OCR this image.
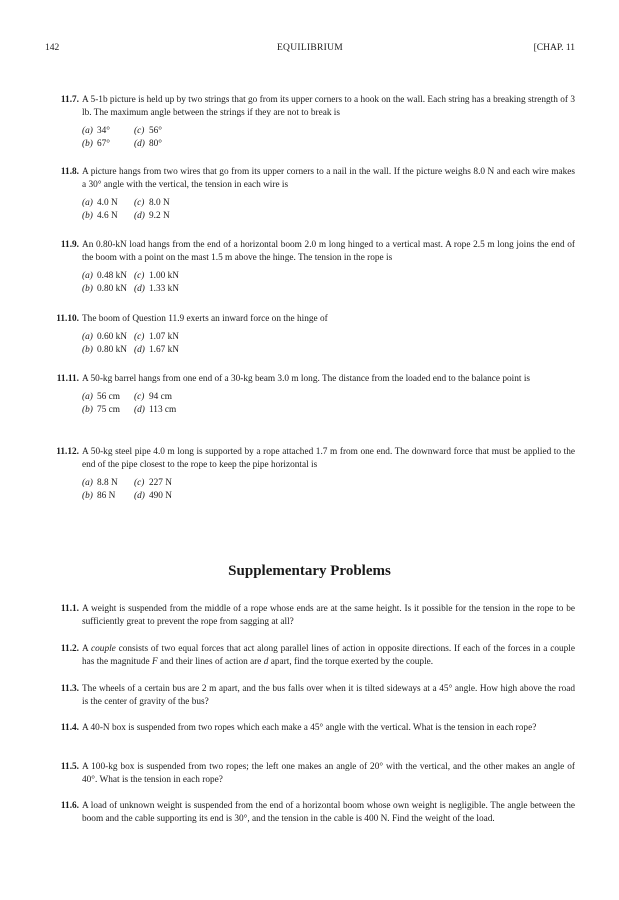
142	EQUILIBRIUM	[CHAP. 11
11.7. A 5-1b picture is held up by two strings that go from its upper corners to a hook on the wall. Each string has a breaking strength of 3 lb. The maximum angle between the strings if they are not to break is
(a) 34°	(c) 56°
(b) 67°	(d) 80°
11.8. A picture hangs from two wires that go from its upper corners to a nail in the wall. If the picture weighs 8.0 N and each wire makes a 30° angle with the vertical, the tension in each wire is
(a) 4.0 N (c) 8.0 N
(b) 4.6 N (d) 9.2 N
11.9. An 0.80-kN load hangs from the end of a horizontal boom 2.0 m long hinged to a vertical mast. A rope 2.5 m long joins the end of the boom with a point on the mast 1.5 m above the hinge. The tension in the rope is
(a) 0.48 kN (c) 1.00 kN
(b) 0.80 kN (d) 1.33 kN
11.10. The boom of Question 11.9 exerts an inward force on the hinge of
(a) 0.60 kN (c) 1.07 kN
(b) 0.80 kN (d) 1.67 kN
11.11. A 50-kg barrel hangs from one end of a 30-kg beam 3.0 m long. The distance from the loaded end to the balance point is
(a) 56 cm (c) 94 cm
(b) 75 cm (d) 113 cm
11.12. A 50-kg steel pipe 4.0 m long is supported by a rope attached 1.7 m from one end. The downward force that must be applied to the end of the pipe closest to the rope to keep the pipe horizontal is
(a) 8.8 N (c) 227 N
(b) 86 N (d) 490 N
Supplementary Problems
11.1. A weight is suspended from the middle of a rope whose ends are at the same height. Is it possible for the tension in the rope to be sufficiently great to prevent the rope from sagging at all?
11.2. A couple consists of two equal forces that act along parallel lines of action in opposite directions. If each of the forces in a couple has the magnitude F and their lines of action are d apart, find the torque exerted by the couple.
11.3. The wheels of a certain bus are 2 m apart, and the bus falls over when it is tilted sideways at a 45° angle. How high above the road is the center of gravity of the bus?
11.4. A 40-N box is suspended from two ropes which each make a 45° angle with the vertical. What is the tension in each rope?
11.5. A 100-kg box is suspended from two ropes; the left one makes an angle of 20° with the vertical, and the other makes an angle of 40°. What is the tension in each rope?
11.6. A load of unknown weight is suspended from the end of a horizontal boom whose own weight is negligible. The angle between the boom and the cable supporting its end is 30°, and the tension in the cable is 400 N. Find the weight of the load.
